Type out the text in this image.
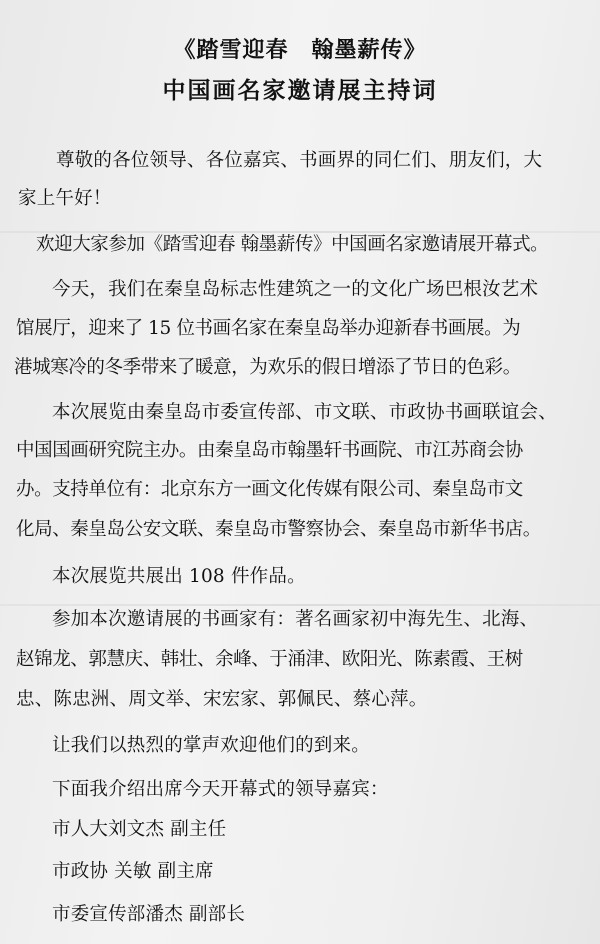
《踏雪迎春　翰墨薪传》
中国画名家邀请展主持词
尊敬的各位领导、各位嘉宾、书画界的同仁们、朋友们，大
家上午好！
欢迎大家参加《踏雪迎春 翰墨薪传》中国画名家邀请展开幕式。
今天，我们在秦皇岛标志性建筑之一的文化广场巴根汝艺术
馆展厅，迎来了 15 位书画名家在秦皇岛举办迎新春书画展。为
港城寒冷的冬季带来了暖意，为欢乐的假日增添了节日的色彩。
本次展览由秦皇岛市委宣传部、市文联、市政协书画联谊会、
中国国画研究院主办。由秦皇岛市翰墨轩书画院、市江苏商会协
办。支持单位有：北京东方一画文化传媒有限公司、秦皇岛市文
化局、秦皇岛公安文联、秦皇岛市警察协会、秦皇岛市新华书店。
本次展览共展出 108 件作品。
参加本次邀请展的书画家有：著名画家初中海先生、北海、
赵锦龙、郭慧庆、韩壮、余峰、于涌津、欧阳光、陈素霞、王树
忠、陈忠洲、周文举、宋宏家、郭佩民、蔡心萍。
让我们以热烈的掌声欢迎他们的到来。
下面我介绍出席今天开幕式的领导嘉宾：
市人大刘文杰 副主任
市政协 关敏 副主席
市委宣传部潘杰 副部长
